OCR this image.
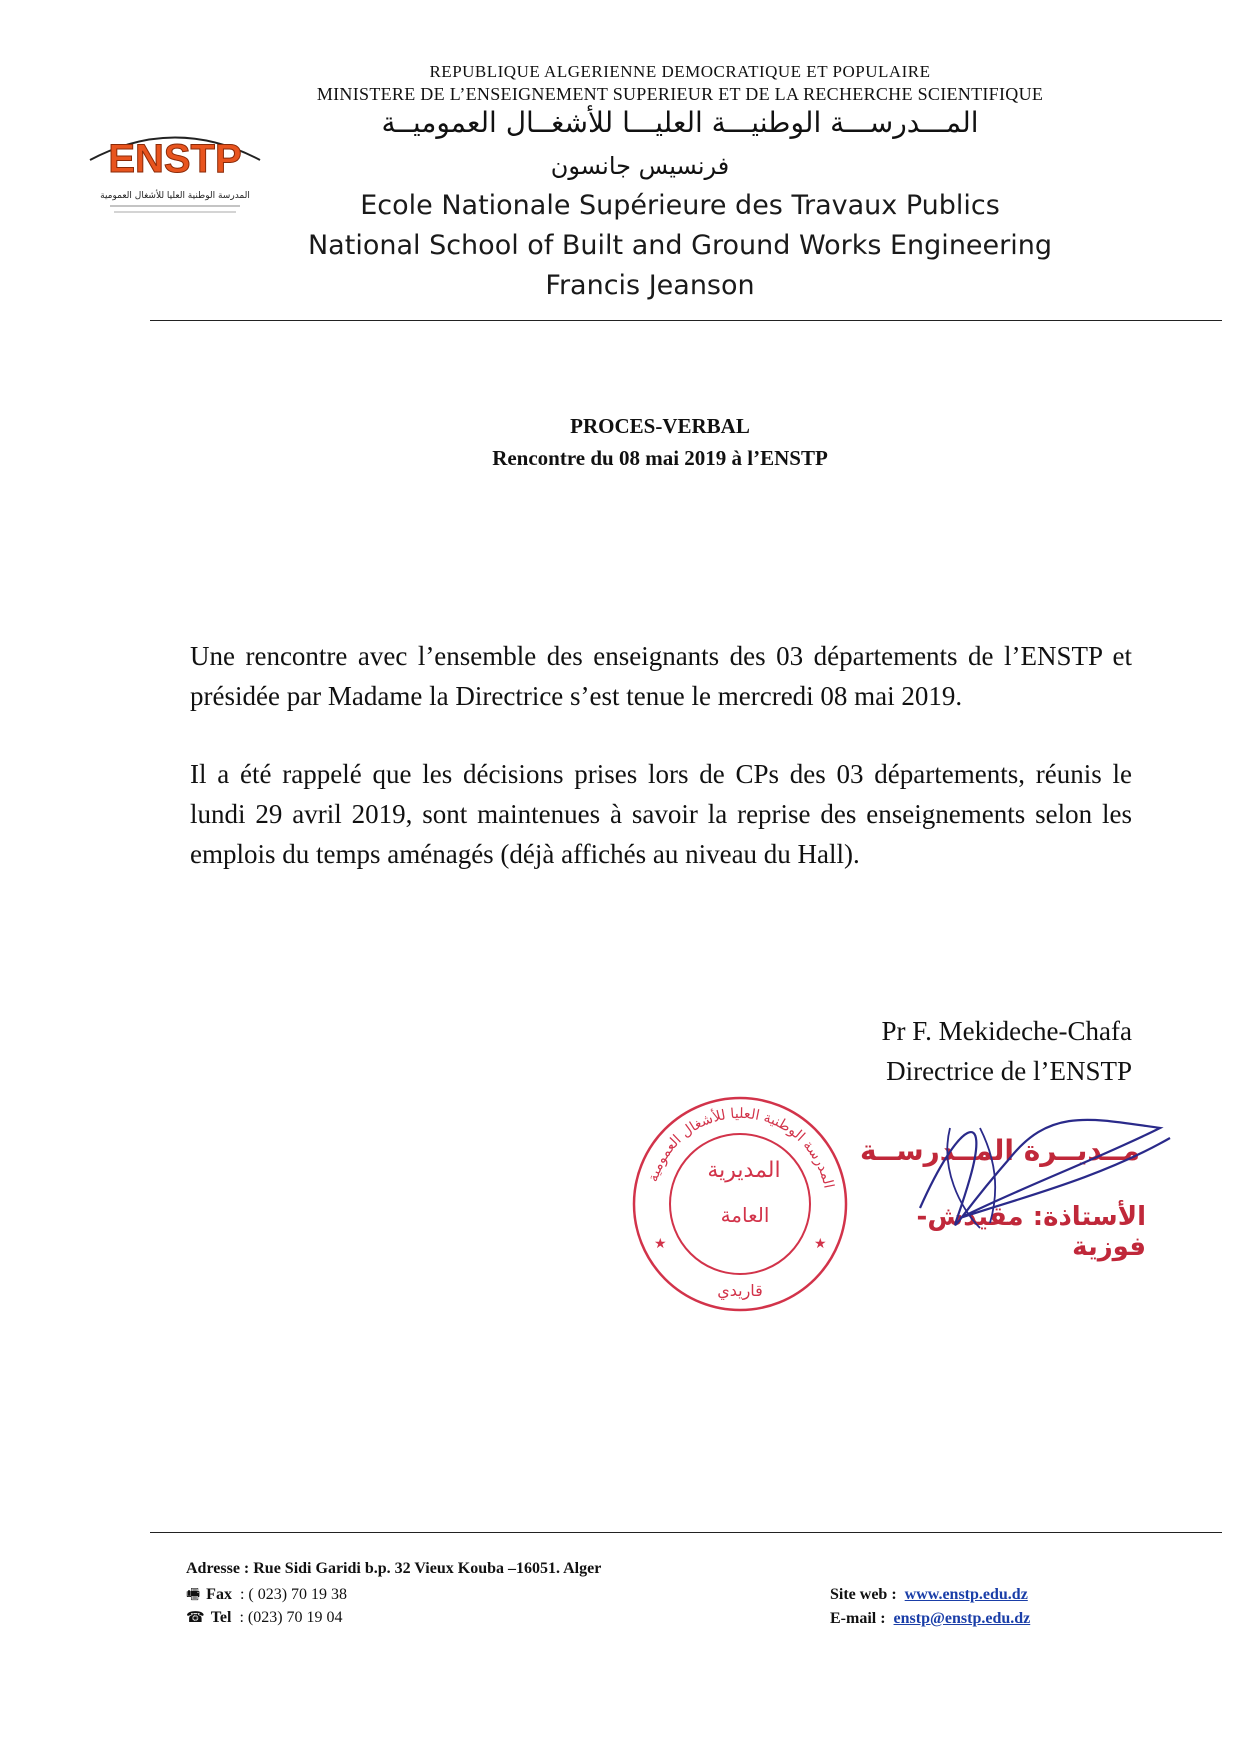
ENSTP
المدرسة الوطنية العليا للأشغال العمومية
REPUBLIQUE ALGERIENNE DEMOCRATIQUE ET POPULAIRE
MINISTERE DE L’ENSEIGNEMENT SUPERIEUR ET DE LA RECHERCHE SCIENTIFIQUE
المـــدرســـة الوطنيـــة العليـــا للأشغــال العموميــة
فرنسيس جانسون
Ecole Nationale Supérieure des Travaux Publics
National School of Built and Ground Works Engineering
Francis Jeanson
PROCES-VERBAL
Rencontre du 08 mai 2019 à l’ENSTP
Une rencontre avec l’ensemble des enseignants des 03 départements de l’ENSTP et présidée par Madame la Directrice s’est tenue le mercredi 08 mai 2019.
Il a été rappelé que les décisions prises lors de CPs des 03 départements, réunis le lundi 29 avril 2019, sont maintenues à savoir la reprise des enseignements selon les emplois du temps aménagés (déjà affichés au niveau du Hall).
Pr F. Mekideche-Chafa
Directrice de l’ENSTP
المدرسة الوطنية العليا للأشغال العمومية
قاريدي
★	★
المديرية
العامة
مــديــرة المــدرســة
الأستاذة: مقيدش-فوزية
Adresse : Rue Sidi Garidi b.p. 32 Vieux Kouba –16051. Alger
🖷 Fax : ( 023) 70 19 38
☎ Tel : (023) 70 19 04
Site web : www.enstp.edu.dz
E-mail : enstp@enstp.edu.dz
